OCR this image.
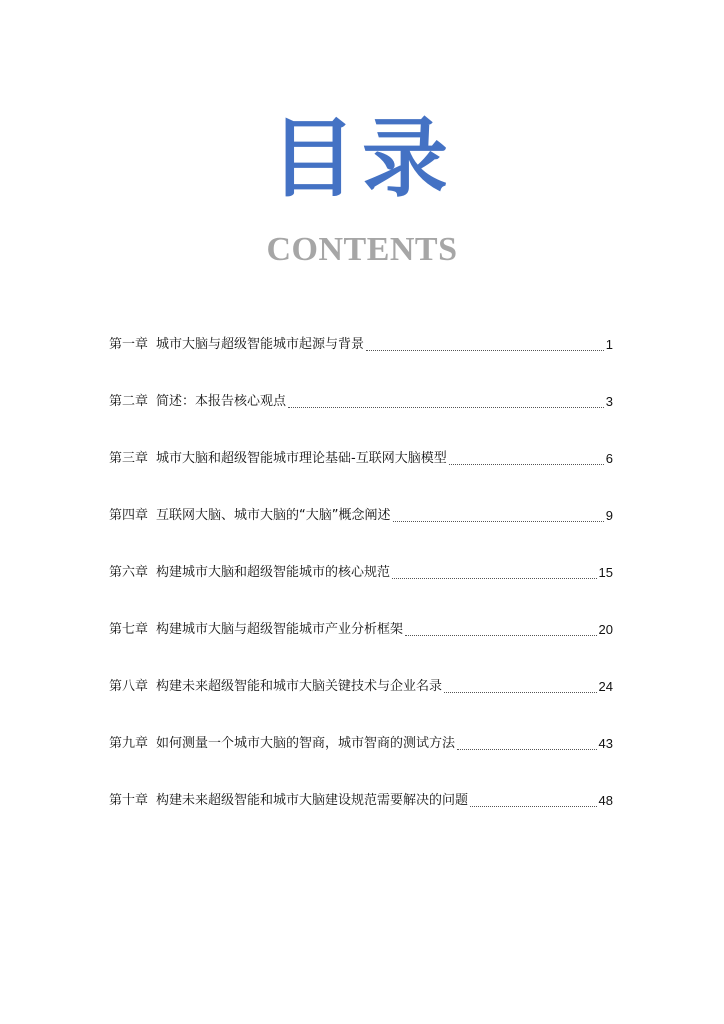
目录
CONTENTS
第一章 城市大脑与超级智能城市起源与背景	1
第二章 简述：本报告核心观点	3
第三章 城市大脑和超级智能城市理论基础-互联网大脑模型	6
第四章 互联网大脑、城市大脑的“大脑”概念阐述	9
第六章 构建城市大脑和超级智能城市的核心规范	15
第七章 构建城市大脑与超级智能城市产业分析框架	20
第八章 构建未来超级智能和城市大脑关键技术与企业名录	24
第九章 如何测量一个城市大脑的智商，城市智商的测试方法	43
第十章 构建未来超级智能和城市大脑建设规范需要解决的问题	48
